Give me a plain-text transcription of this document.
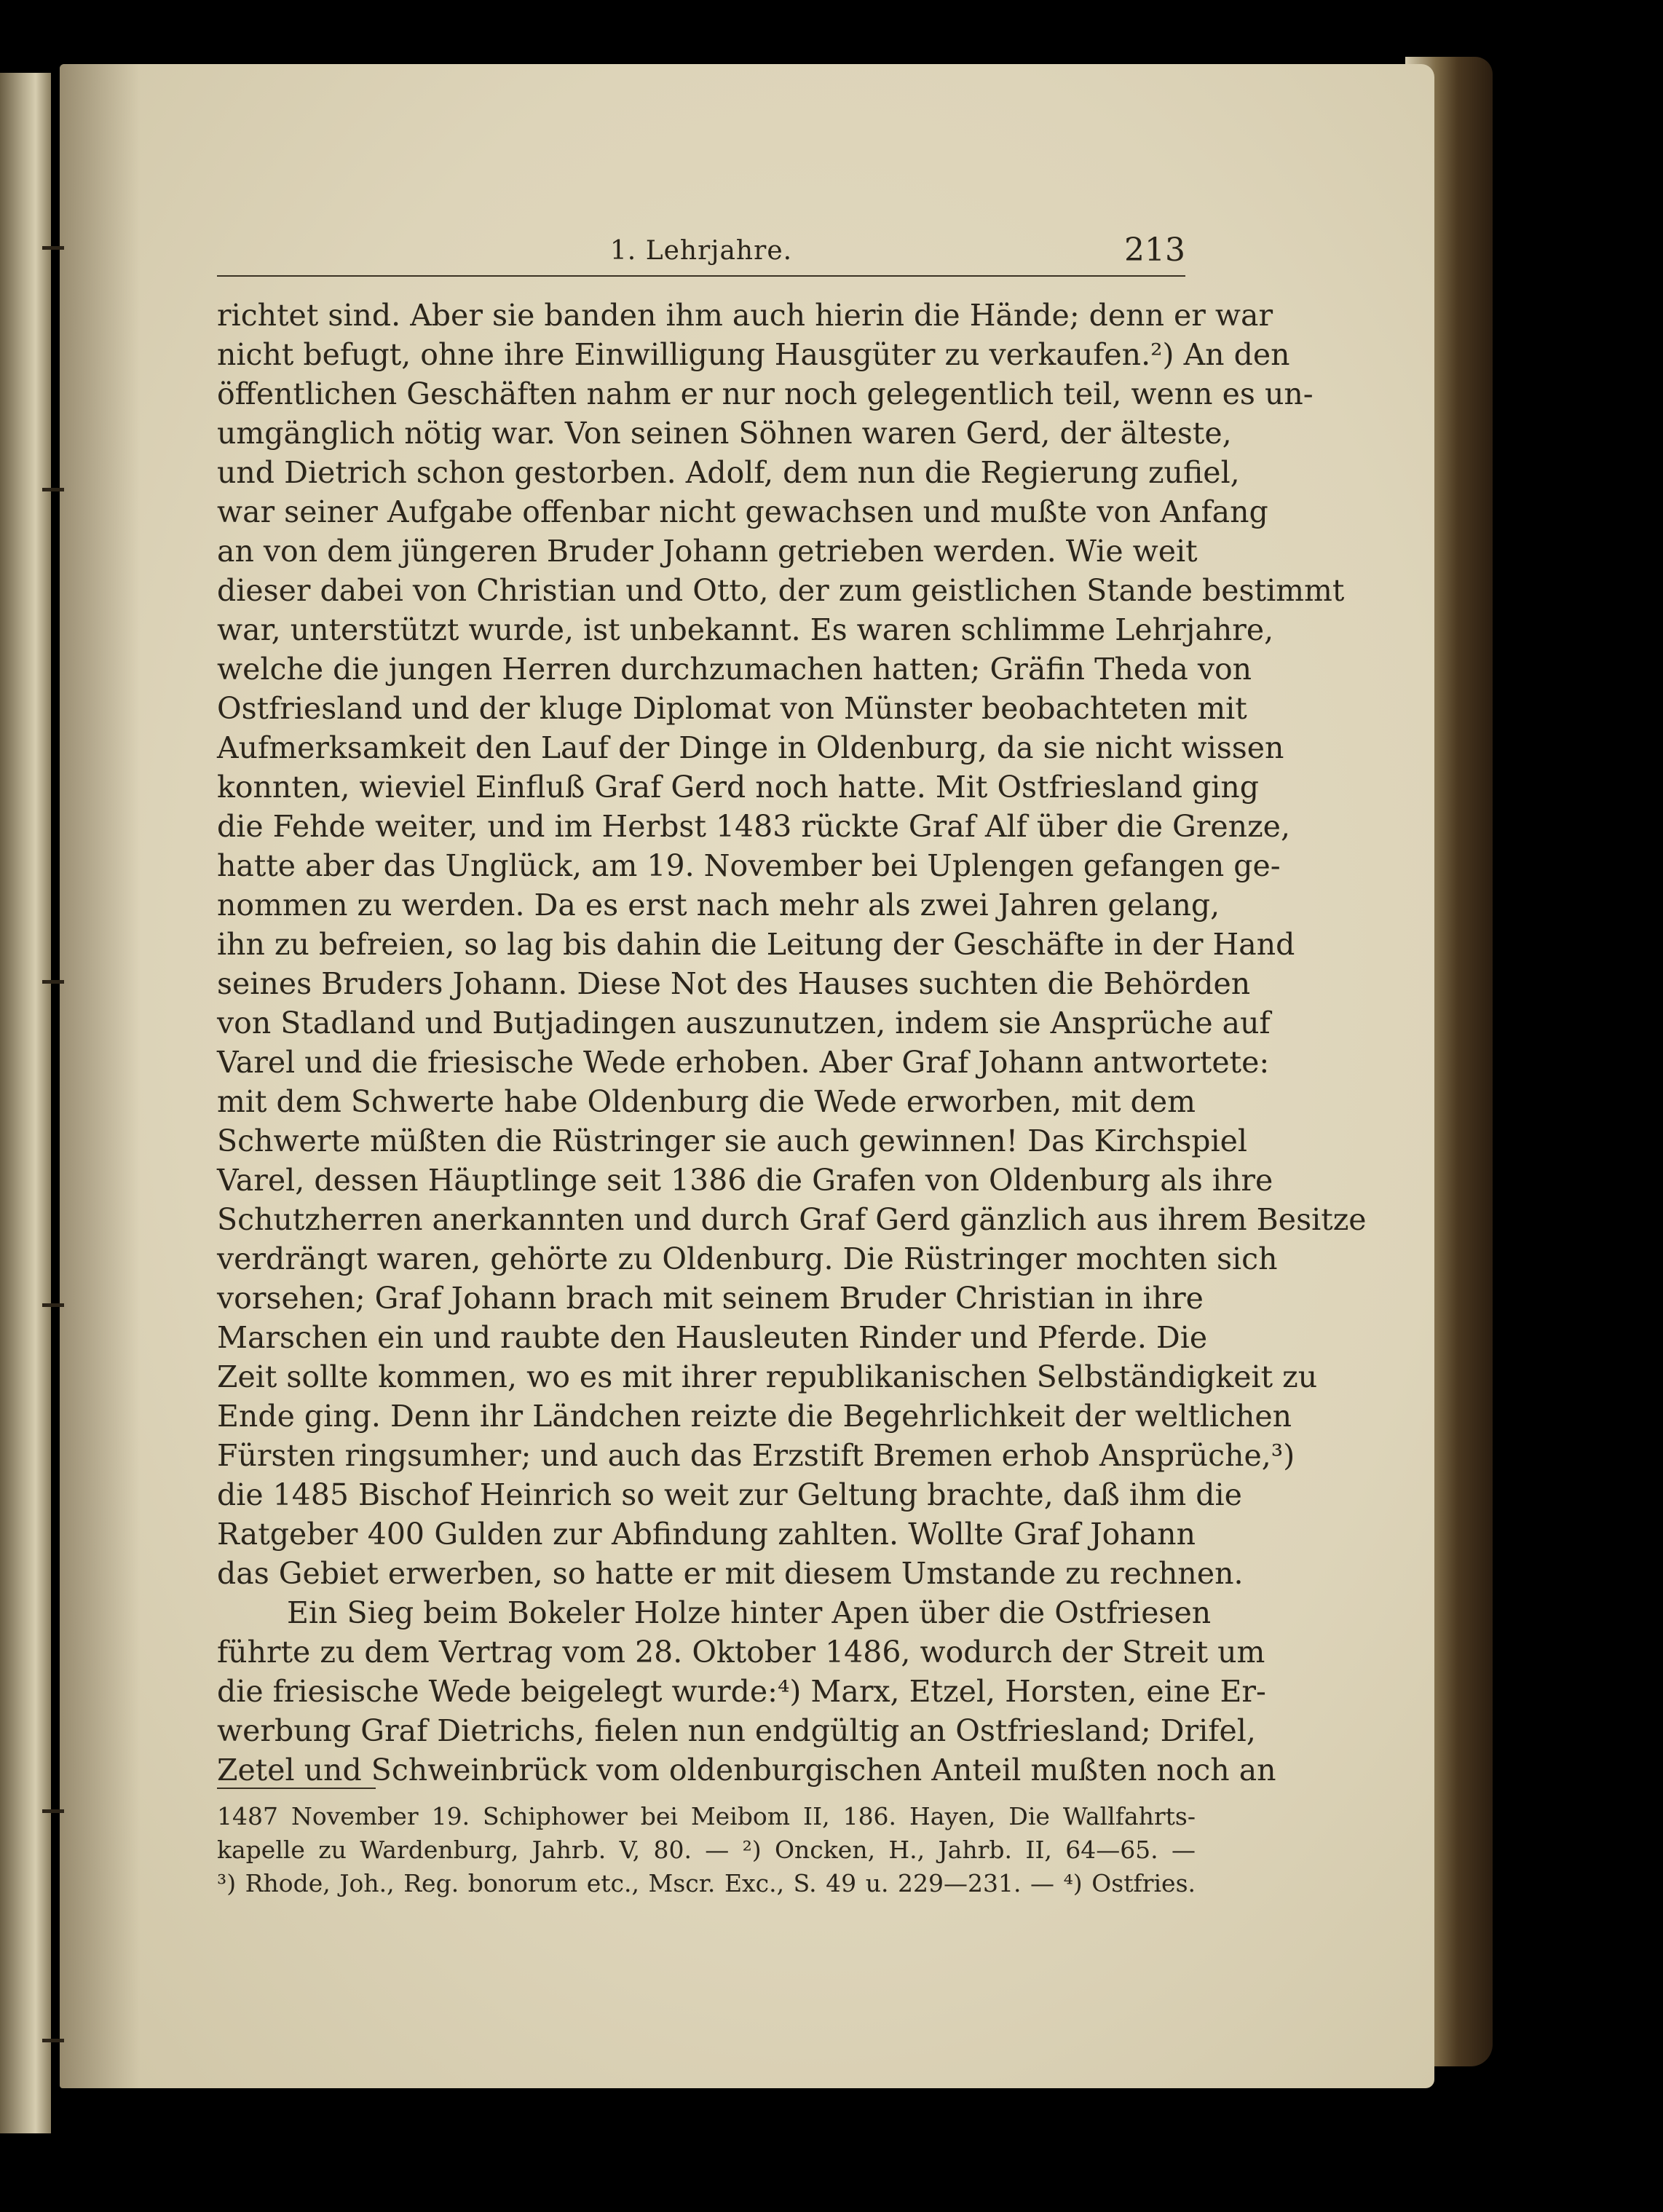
1. Lehrjahre.	213
richtet sind. Aber sie banden ihm auch hierin die Hände; denn er war
nicht befugt, ohne ihre Einwilligung Hausgüter zu verkaufen.²) An den
öffentlichen Geschäften nahm er nur noch gelegentlich teil, wenn es un-
umgänglich nötig war. Von seinen Söhnen waren Gerd, der älteste,
und Dietrich schon gestorben. Adolf, dem nun die Regierung zufiel,
war seiner Aufgabe offenbar nicht gewachsen und mußte von Anfang
an von dem jüngeren Bruder Johann getrieben werden. Wie weit
dieser dabei von Christian und Otto, der zum geistlichen Stande bestimmt
war, unterstützt wurde, ist unbekannt. Es waren schlimme Lehrjahre,
welche die jungen Herren durchzumachen hatten; Gräfin Theda von
Ostfriesland und der kluge Diplomat von Münster beobachteten mit
Aufmerksamkeit den Lauf der Dinge in Oldenburg, da sie nicht wissen
konnten, wieviel Einfluß Graf Gerd noch hatte. Mit Ostfriesland ging
die Fehde weiter, und im Herbst 1483 rückte Graf Alf über die Grenze,
hatte aber das Unglück, am 19. November bei Uplengen gefangen ge-
nommen zu werden. Da es erst nach mehr als zwei Jahren gelang,
ihn zu befreien, so lag bis dahin die Leitung der Geschäfte in der Hand
seines Bruders Johann. Diese Not des Hauses suchten die Behörden
von Stadland und Butjadingen auszunutzen, indem sie Ansprüche auf
Varel und die friesische Wede erhoben. Aber Graf Johann antwortete:
mit dem Schwerte habe Oldenburg die Wede erworben, mit dem
Schwerte müßten die Rüstringer sie auch gewinnen! Das Kirchspiel
Varel, dessen Häuptlinge seit 1386 die Grafen von Oldenburg als ihre
Schutzherren anerkannten und durch Graf Gerd gänzlich aus ihrem Besitze
verdrängt waren, gehörte zu Oldenburg. Die Rüstringer mochten sich
vorsehen; Graf Johann brach mit seinem Bruder Christian in ihre
Marschen ein und raubte den Hausleuten Rinder und Pferde. Die
Zeit sollte kommen, wo es mit ihrer republikanischen Selbständigkeit zu
Ende ging. Denn ihr Ländchen reizte die Begehrlichkeit der weltlichen
Fürsten ringsumher; und auch das Erzstift Bremen erhob Ansprüche,³)
die 1485 Bischof Heinrich so weit zur Geltung brachte, daß ihm die
Ratgeber 400 Gulden zur Abfindung zahlten. Wollte Graf Johann
das Gebiet erwerben, so hatte er mit diesem Umstande zu rechnen.
Ein Sieg beim Bokeler Holze hinter Apen über die Ostfriesen
führte zu dem Vertrag vom 28. Oktober 1486, wodurch der Streit um
die friesische Wede beigelegt wurde:⁴) Marx, Etzel, Horsten, eine Er-
werbung Graf Dietrichs, fielen nun endgültig an Ostfriesland; Drifel,
Zetel und Schweinbrück vom oldenburgischen Anteil mußten noch an
1487 November 19. Schiphower bei Meibom II, 186. Hayen, Die Wallfahrts-
kapelle zu Wardenburg, Jahrb. V, 80. — ²) Oncken, H., Jahrb. II, 64—65. —
³) Rhode, Joh., Reg. bonorum etc., Mscr. Exc., S. 49 u. 229—231. — ⁴) Ostfries.
